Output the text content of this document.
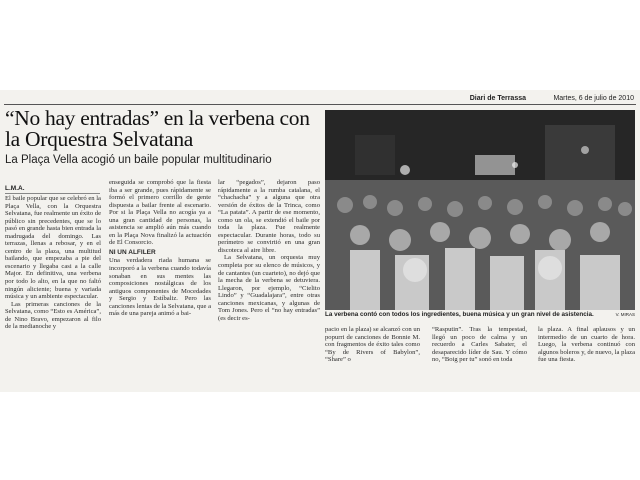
Diari de Terrassa	Martes, 6 de julio de 2010
“No hay entradas” en la verbena con la Orquestra Selvatana
La Plaça Vella acogió un baile popular multitudinario
L.M.A.

El baile popular que se celebró en la Plaça Vella, con la Orquestra Selvatana, fue realmente un éxito de público sin precedentes, que se lo pasó en grande hasta bien entrada la madrugada del domingo. Las terrazas, llenas a rebosar, y en el centro de la plaza, una multitud bailando, que empezaba a pie del escenario y llegaba casi a la calle Major. En definitiva, una verbena por todo lo alto, en la que no faltó ningún aliciente; buena y variada música y un ambiente espectacular.

Las primeras canciones de la Selvatana, como “Esto es América”, de Nino Bravo, empezaron al filo de la medianoche y

enseguida se comprobó que la fiesta iba a ser grande, pues rápidamente se formó el primero corrillo de gente dispuesta a bailar frente al escenario. Por si la Plaça Vella no acogía ya a una gran cantidad de personas, la asistencia se amplió aún más cuando en la Plaça Nova finalizó la actuación de El Consorcio.

NI UN ALFILER

Una verdadera riada humana se incorporó a la verbena cuando todavía sonaban en sus mentes las composiciones nostálgicas de los antiguos componentes de Mocedades y Sergio y Estíbaliz. Pero las canciones lentas de la Selvatana, que a más de una pareja animó a bai-

lar “pegados”, dejaron paso rápidamente a la rumba catalana, el “chachacha” y a alguna que otra versión de éxitos de la Trinca, como “La patata”. A partir de ese momento, como un ola, se extendió el baile por toda la plaza. Fue realmente espectacular. Durante horas, todo su perímetro se convirtió en una gran discoteca al aire libre.

La Selvatana, un orquesta muy completa por su elenco de músicos, y de cantantes (un cuarteto), no dejó que la mecha de la verbena se detuviera. Llegaron, por ejemplo, “Cielito Lindo” y “Guadalajara”, entre otras canciones mexicanas, y algunas de Tom Jones. Pero el “no hay entradas” (es decir es-

La verbena contó con todos los ingredientes, buena música y un gran nivel de asistencia.	V. MIRAS

pacio en la plaza) se alcanzó con un popurri de canciones de Bonnie M. con fragmentos de éxito tales como “By de Rivers of Babylon”, “Share” o

“Rasputin”. Tras la tempestad, llegó un poco de calma y un recuerdo a Carles Sabater, el desaparecido líder de Sau. Y cómo no, “Boig per tu” sonó en toda

la plaza. A final aplausos y un intermedio de un cuarto de hora. Luego, la verbena continuó con algunos boleros y, de nuevo, la plaza fue una fiesta.
